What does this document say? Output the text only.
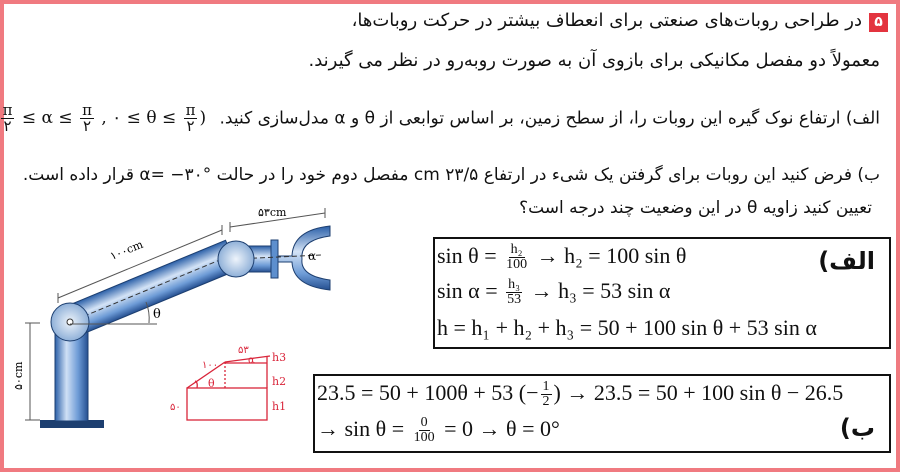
۵
در طراحی روبات‌های صنعتی برای انعطاف بیشتر در حرکت روبات‌ها،
معمولاً دو مفصل مکانیکی برای بازوی آن به صورت روبه‌رو در نظر می گیرند.
الف) ارتفاع نوک گیره این روبات را، از سطح زمین، بر اساس توابعی از θ و α مدل‌سازی کنید.
$\frac{\pi}{۲} \le \alpha \le \frac{\pi}{۲}$ , ۰ ≤ $\theta \le \frac{\pi}{۲}$ )
ب) فرض کنید این روبات برای گرفتن یک شیء در ارتفاع ۲۳/۵ cm مفصل دوم خود را در حالت α= −۳۰° قرار داده است.
تعیین کنید زاویه θ در این وضعیت چند درجه است؟
۵۳cm
۱۰۰cm
۵۰cm
θ
α
۱۰۰
۵۳
۵۰
θ
α h3
h2
h1
الف)
$\sin \theta = \frac{\text{h₂}}{100} \to h_2 = 100$ sin θ
$\sin \alpha = \frac{\text{h₃}}{53} \to h_3 = 53$ sin α
h = h₁ + h₂ + h₃ = 50 + 100 sin θ + 53 sin α
ب)
23.5 = 50 + 100θ + 53 (− $\frac{1}{2}$ ) → 23.5 = 50 + 100 sin θ − 26.5
→ $\sin \theta = \frac{0}{100} = 0 \to \theta = 0^\circ$
